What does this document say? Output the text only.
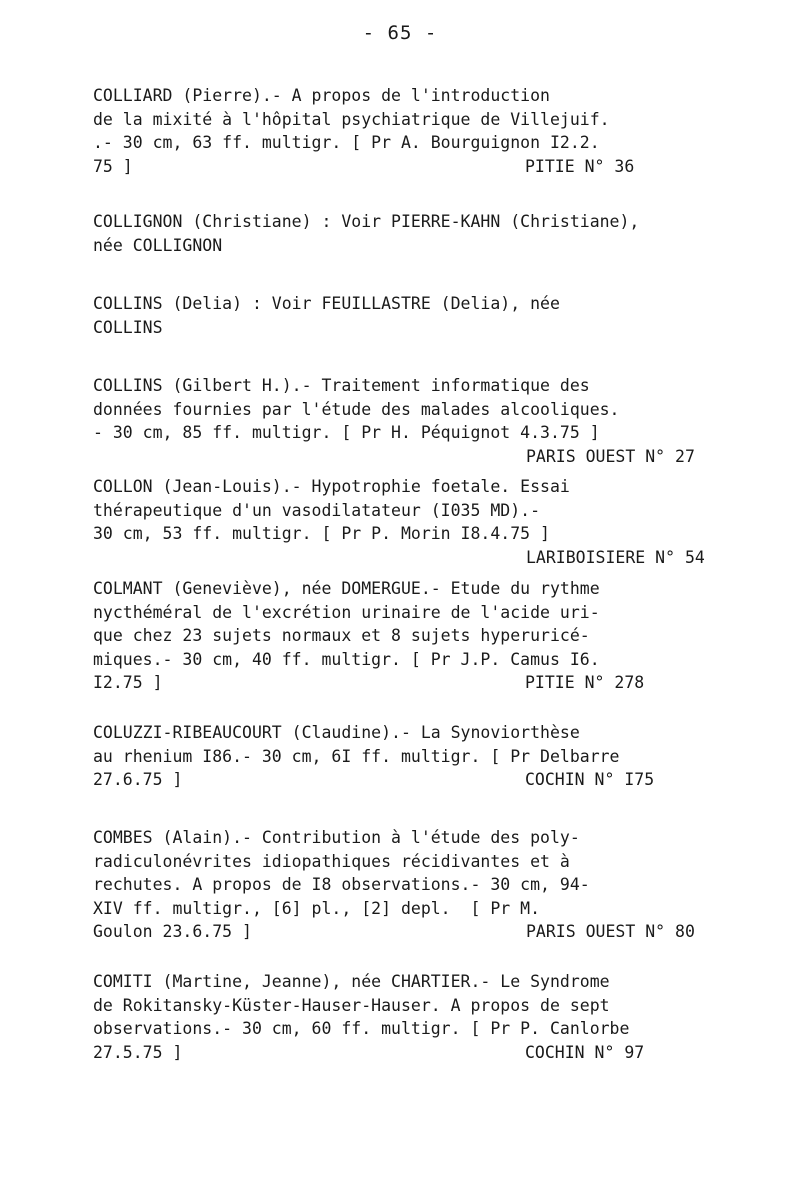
- 65 -
COLLIARD (Pierre).- A propos de l'introduction
de la mixité à l'hôpital psychiatrique de Villejuif.
.- 30 cm, 63 ff. multigr. [ Pr A. Bourguignon I2.2.

75 ]

	PITIE N° 36

COLLIGNON (Christiane) : Voir PIERRE-KAHN (Christiane),
née COLLIGNON
COLLINS (Delia) : Voir FEUILLASTRE (Delia), née
COLLINS
COLLINS (Gilbert H.).- Traitement informatique des
données fournies par l'étude des malades alcooliques.
- 30 cm, 85 ff. multigr. [ Pr H. Péquignot 4.3.75 ]
PARIS OUEST N° 27
COLLON (Jean-Louis).- Hypotrophie foetale. Essai
thérapeutique d'un vasodilatateur (I035 MD).-
30 cm, 53 ff. multigr. [ Pr P. Morin I8.4.75 ]
LARIBOISIERE N° 54
COLMANT (Geneviève), née DOMERGUE.- Etude du rythme
nycthéméral de l'excrétion urinaire de l'acide uri-
que chez 23 sujets normaux et 8 sujets hyperuricé-
miques.- 30 cm, 40 ff. multigr. [ Pr J.P. Camus I6.

I2.75 ]

	PITIE N° 278

COLUZZI-RIBEAUCOURT (Claudine).- La Synoviorthèse
au rhenium I86.- 30 cm, 6I ff. multigr. [ Pr Delbarre

27.6.75 ]

	COCHIN N° I75

COMBES (Alain).- Contribution à l'étude des poly-
radiculonévrites idiopathiques récidivantes et à
rechutes. A propos de I8 observations.- 30 cm, 94-
XIV ff. multigr., [6] pl., [2] depl.  [ Pr M.

Goulon 23.6.75 ]

	PARIS OUEST N° 80

COMITI (Martine, Jeanne), née CHARTIER.- Le Syndrome
de Rokitansky-Küster-Hauser-Hauser. A propos de sept
observations.- 30 cm, 60 ff. multigr. [ Pr P. Canlorbe

27.5.75 ]

	COCHIN N° 97
